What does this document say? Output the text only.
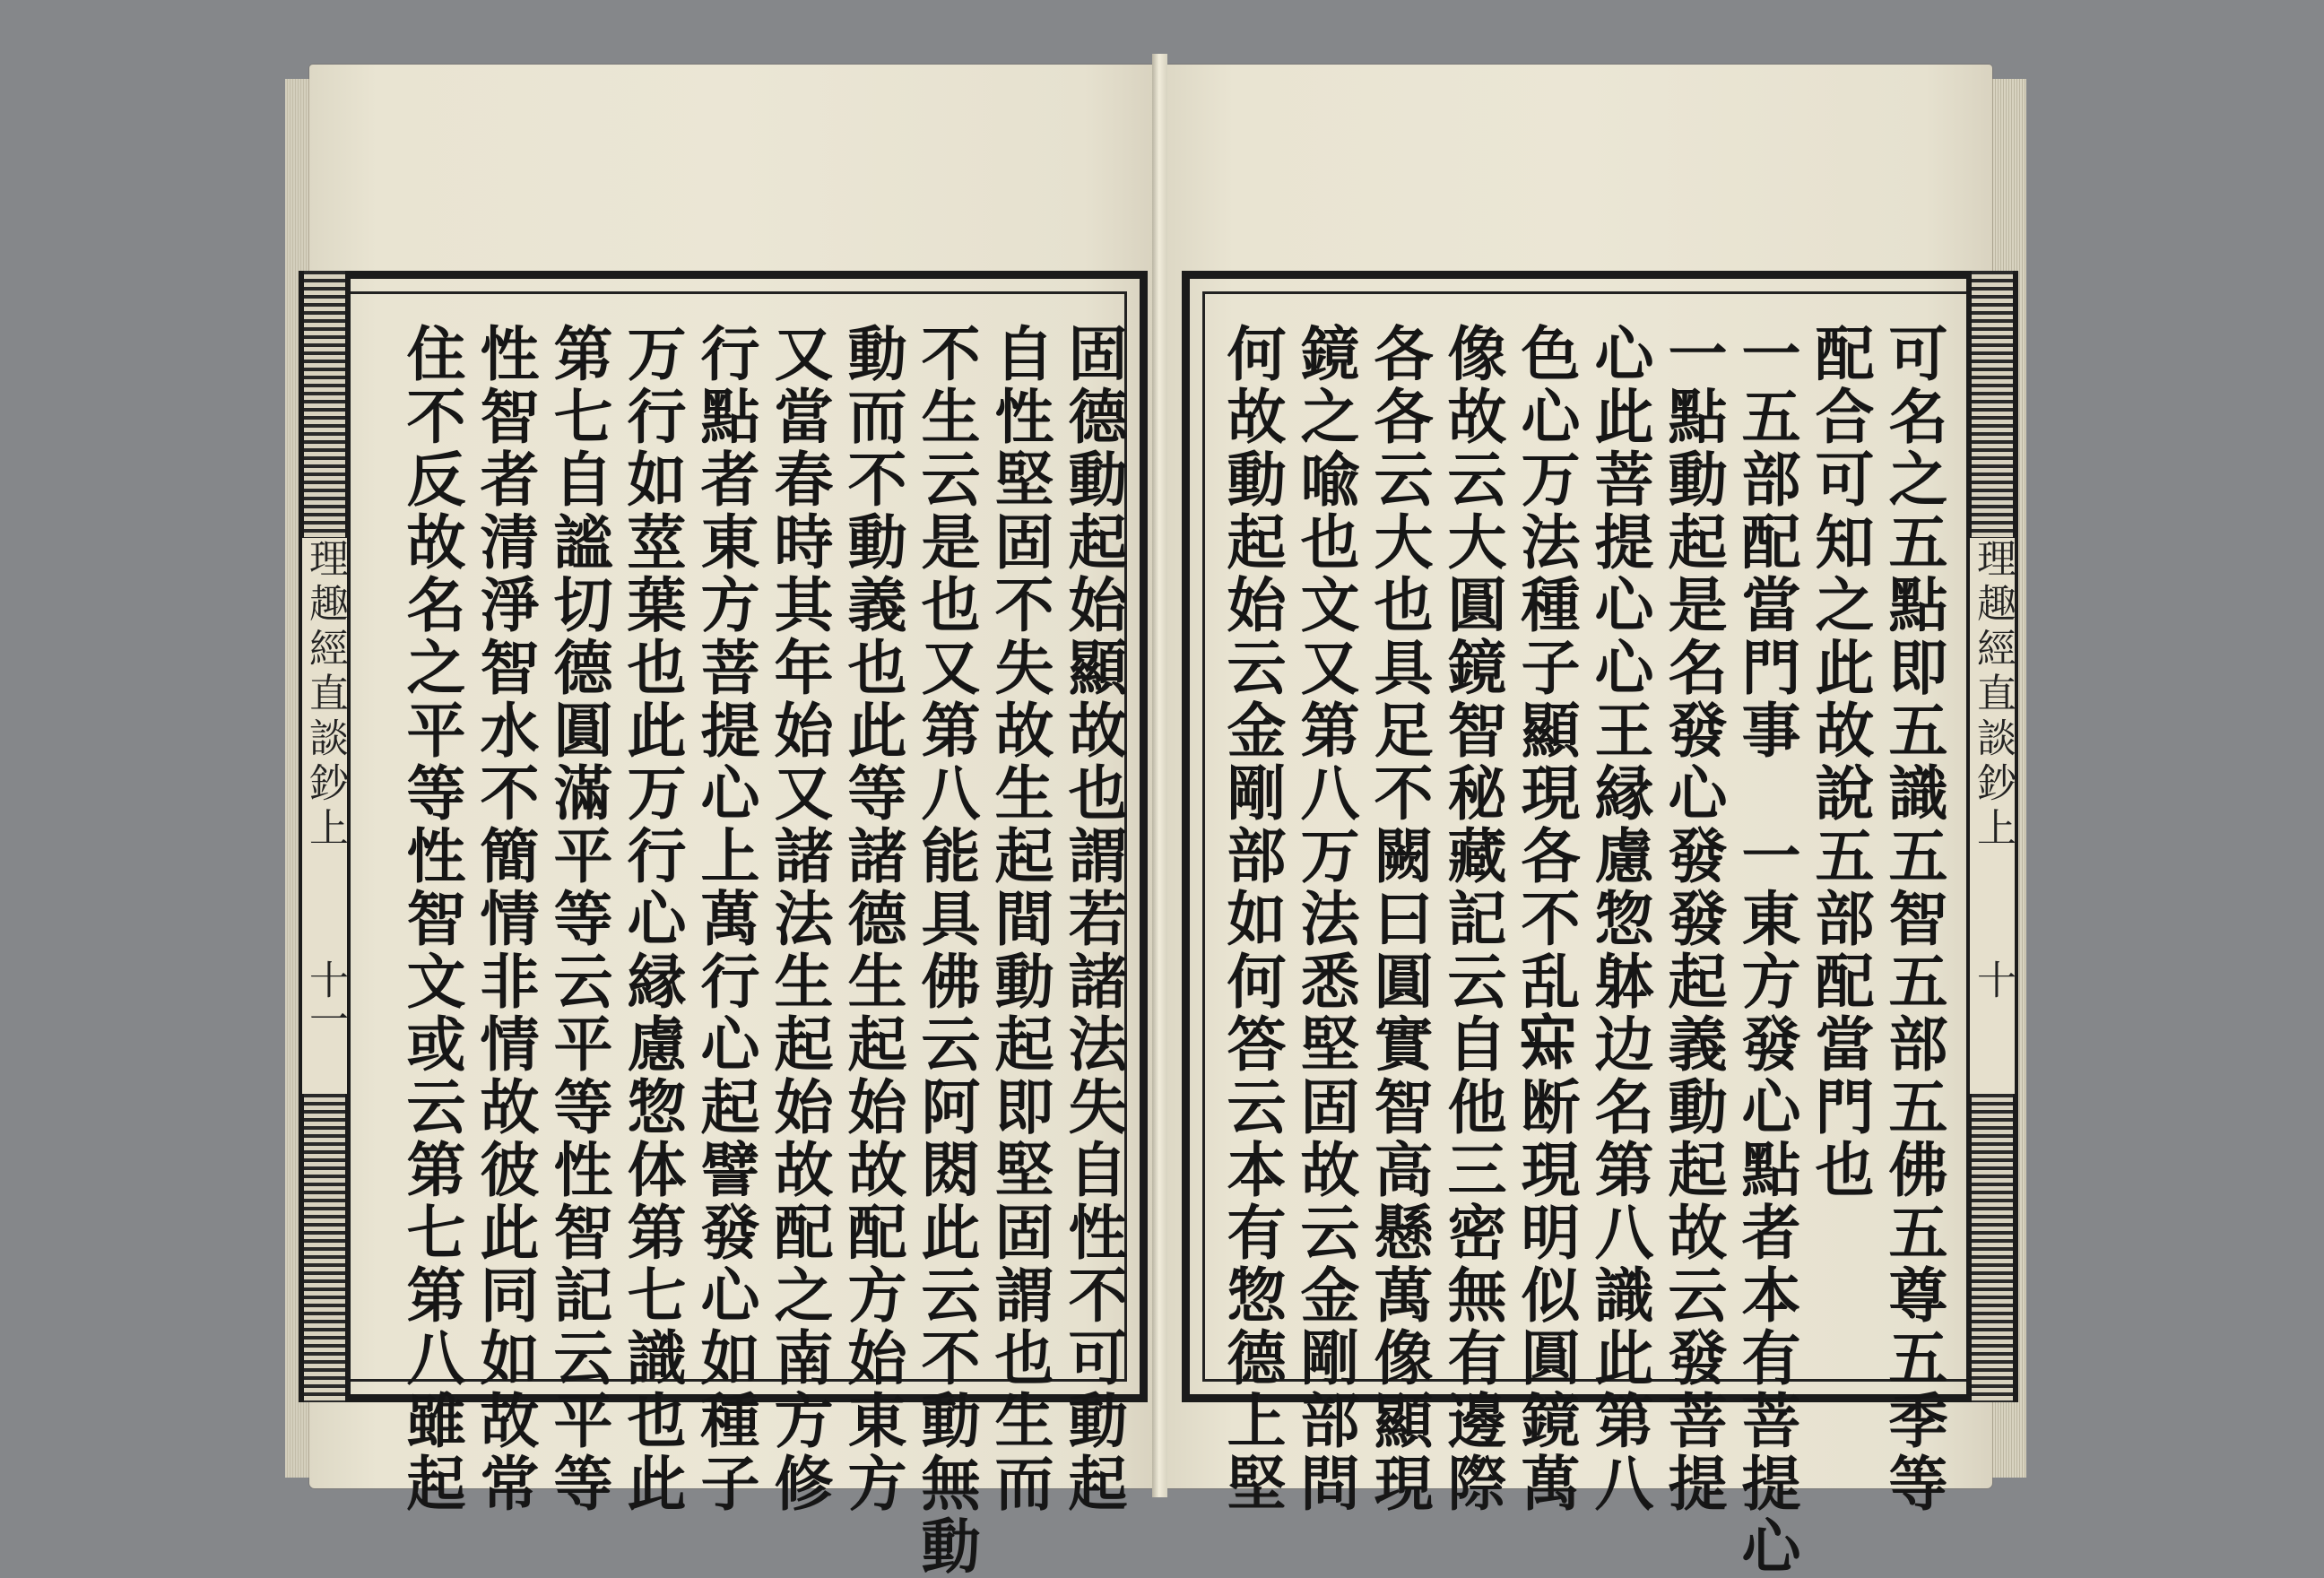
理趣經直談鈔上
十一	固德動起始顯故也謂若諸法失自性不可動起
自性堅固不失故生起間動起即堅固謂也生而
不生云是也又第八能具佛云阿閦此云不動無動
動而不動義也此等諸德生起始故配方始東方
又當春時其年始又諸法生起始故配之南方修
行點者東方菩提心上萬行心起譬發心如種子
万行如莖葉也此万行心縁慮惣体第七識也此
第七自謐切德圓滿平等云平等性智記云平等
性智者清淨智水不簡情非情故彼此同如故常
住不反故名之平等性智文或云第七第八雖起	理趣經直談鈔上
十
可名之五點即五識五智五部五佛五尊五季等
配合可知之此故說五部配當門也
一五部配當門事　一東方發心點者本有菩提心
一點動起是名發心發發起義動起故云發菩提
心此菩提心心王縁慮惣躰边名第八識此第八
色心万法種子顯現各不乱𡨜断現明似圓鏡萬
像故云大圓鏡智秘藏記云自他三密無有邊際
各各云大也具足不闕曰圓實智高懸萬像顯現
鏡之喩也文又第八万法悉堅固故云金剛部問
何故動起始云金剛部如何答云本有惣德上堅
